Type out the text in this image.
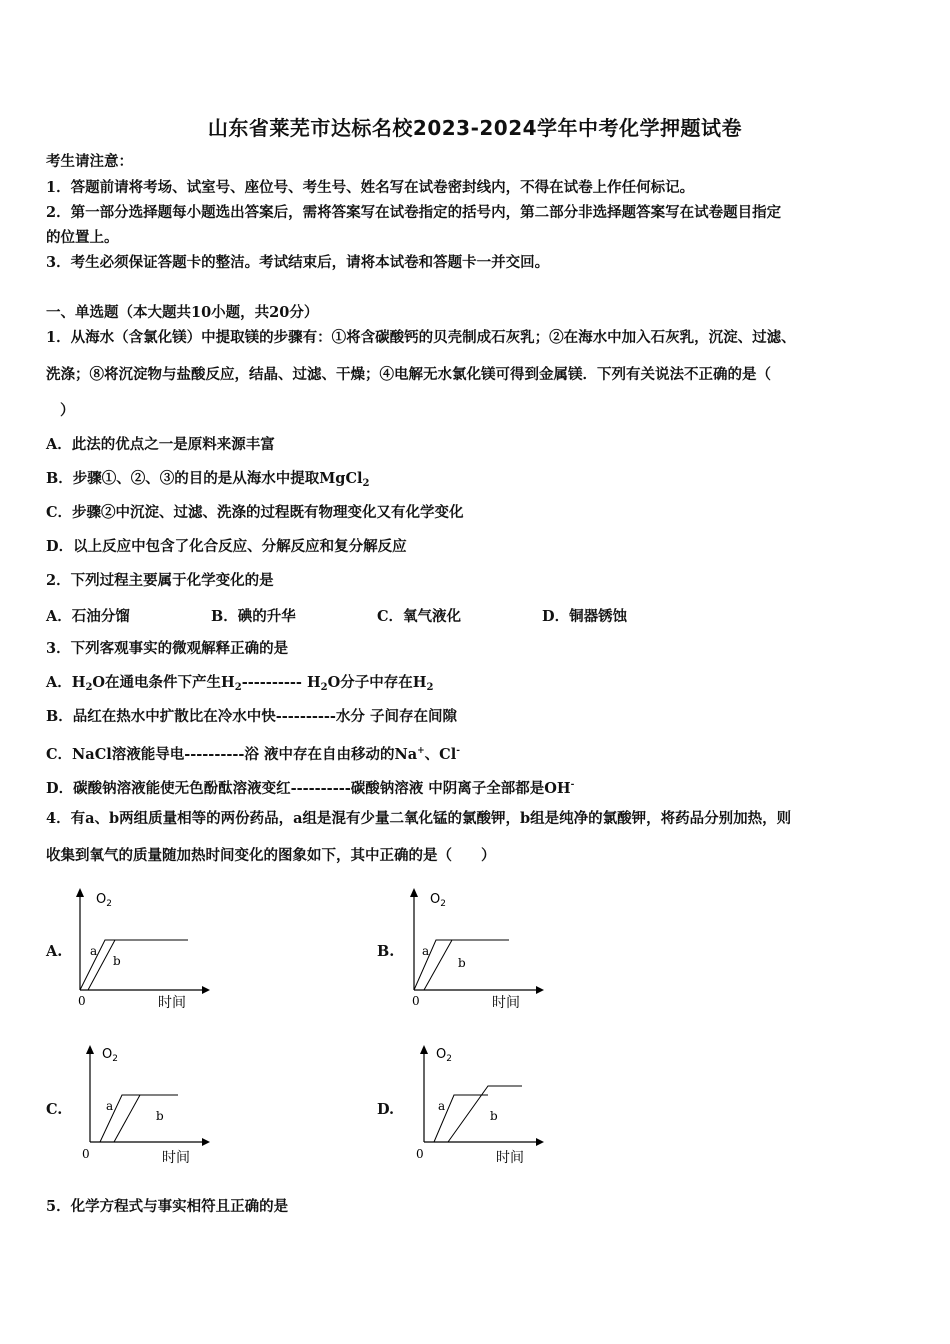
山东省莱芜市达标名校2023-2024学年中考化学押题试卷
考生请注意：
1．答题前请将考场、试室号、座位号、考生号、姓名写在试卷密封线内，不得在试卷上作任何标记。
2．第一部分选择题每小题选出答案后，需将答案写在试卷指定的括号内，第二部分非选择题答案写在试卷题目指定
的位置上。
3．考生必须保证答题卡的整洁。考试结束后，请将本试卷和答题卡一并交回。
一、单选题（本大题共10小题，共20分）
1．从海水（含氯化镁）中提取镁的步骤有：①将含碳酸钙的贝壳制成石灰乳；②在海水中加入石灰乳，沉淀、过滤、
洗涤；⑧将沉淀物与盐酸反应，结晶、过滤、干燥；④电解无水氯化镁可得到金属镁．下列有关说法不正确的是（
）
A．此法的优点之一是原料来源丰富
B．步骤①、②、③的目的是从海水中提取MgCl$_2$
C．步骤②中沉淀、过滤、洗涤的过程既有物理变化又有化学变化
D．以上反应中包含了化合反应、分解反应和复分解反应
2．下列过程主要属于化学变化的是
A．石油分馏	B．碘的升华	C．氧气液化	D．铜器锈蚀
3．下列客观事实的微观解释正确的是
A．$H_2O$在通电条件下产生$H_2----------$ $H_2O$分子中存在$H_2$
B．品红在热水中扩散比在冷水中快----------水分 子间存在间隙
C．NaCl溶液能导电----------浴 液中存在自由移动的Na+、Cl-
D．碳酸钠溶液能使无色酚酞溶液变红----------碳酸钠溶液 中阴离子全部都是OH-
4．有a、b两组质量相等的两份药品，a组是混有少量二氧化锰的氯酸钾，b组是纯净的氯酸钾，将药品分别加热，则
收集到氧气的质量随加热时间变化的图象如下，其中正确的是（　　）
A.
$O_2$
a
b
0	时间
B.
$O_2$
a
b
0	时间
C.
$O_2$
a
b
0	时间
D.
$O_2$
a
b
0	时间
5．化学方程式与事实相符且正确的是
